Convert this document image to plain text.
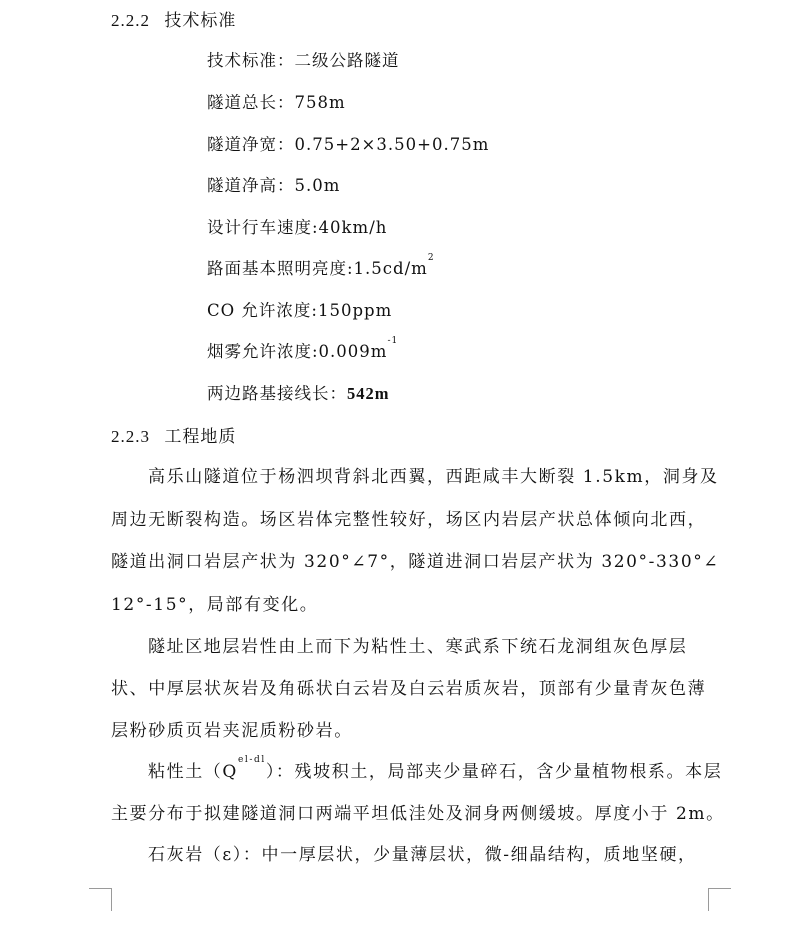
2.2.2 技术标准
技术标准：二级公路隧道
隧道总长：758m
隧道净宽：0.75+2×3.50+0.75m
隧道净高：5.0m
设计行车速度:40km/h
路面基本照明亮度$:1.5cd/m^2$
CO 允许浓度:150ppm
烟雾允许浓度$:0.009m^{-1}$
两边路基接线长：542m
2.2.3 工程地质
高乐山隧道位于杨泗坝背斜北西翼，西距咸丰大断裂 1.5km，洞身及
周边无断裂构造。场区岩体完整性较好，场区内岩层产状总体倾向北西，
隧道出洞口岩层产状为 320°∠7°，隧道进洞口岩层产状为 320°-330°∠
12°-15°，局部有变化。
隧址区地层岩性由上而下为粘性土、寒武系下统石龙洞组灰色厚层
状、中厚层状灰岩及角砾状白云岩及白云岩质灰岩，顶部有少量青灰色薄
层粉砂质页岩夹泥质粉砂岩。
粘性土$(Q^{el-dl})$：残坡积土，局部夹少量碎石，含少量植物根系。本层
主要分布于拟建隧道洞口两端平坦低洼处及洞身两侧缓坡。厚度小于 2m。
石灰岩（ε）：中一厚层状，少量薄层状，微-细晶结构，质地坚硬，
